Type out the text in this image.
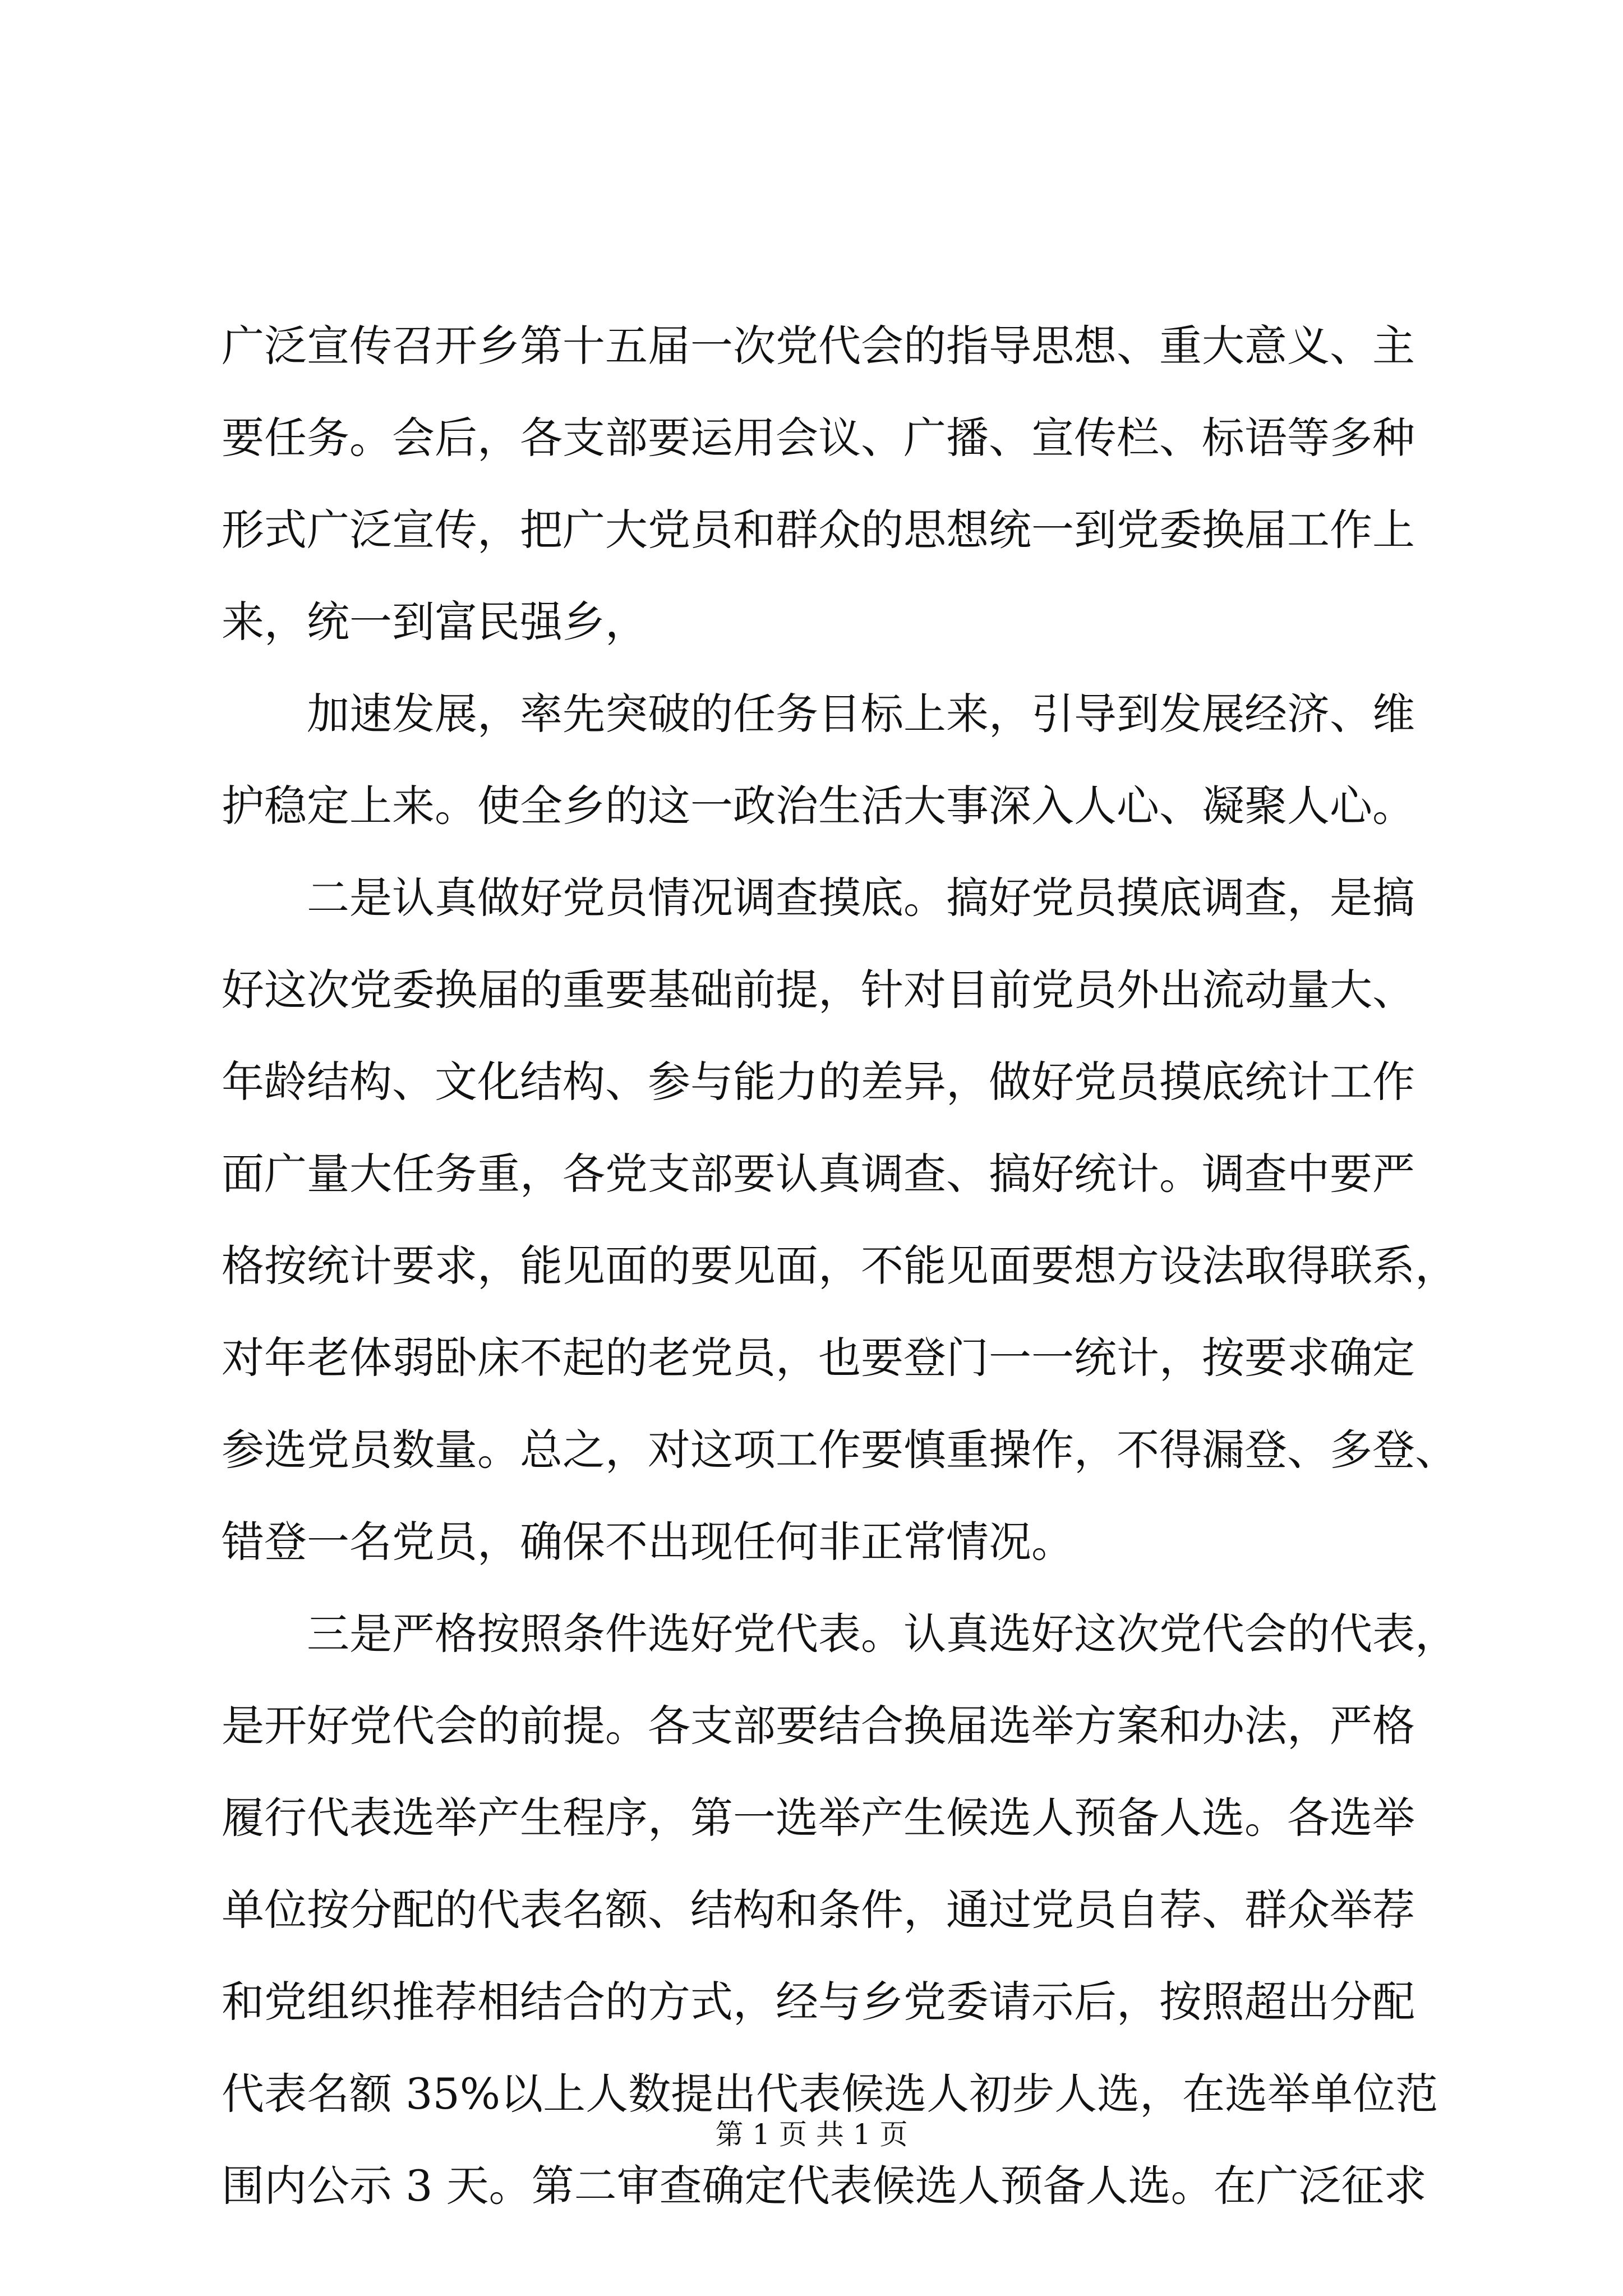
广泛宣传召开乡第十五届一次党代会的指导思想、重大意义、主
要任务。会后，各支部要运用会议、广播、宣传栏、标语等多种
形式广泛宣传，把广大党员和群众的思想统一到党委换届工作上
来，统一到富民强乡，
加速发展，率先突破的任务目标上来，引导到发展经济、维
护稳定上来。使全乡的这一政治生活大事深入人心、凝聚人心。
二是认真做好党员情况调查摸底。搞好党员摸底调查，是搞
好这次党委换届的重要基础前提，针对目前党员外出流动量大、
年龄结构、文化结构、参与能力的差异，做好党员摸底统计工作
面广量大任务重，各党支部要认真调查、搞好统计。调查中要严
格按统计要求，能见面的要见面，不能见面要想方设法取得联系，
对年老体弱卧床不起的老党员，也要登门一一统计，按要求确定
参选党员数量。总之，对这项工作要慎重操作，不得漏登、多登、
错登一名党员，确保不出现任何非正常情况。
三是严格按照条件选好党代表。认真选好这次党代会的代表，
是开好党代会的前提。各支部要结合换届选举方案和办法，严格
履行代表选举产生程序，第一选举产生候选人预备人选。各选举
单位按分配的代表名额、结构和条件，通过党员自荐、群众举荐
和党组织推荐相结合的方式，经与乡党委请示后，按照超出分配
代表名额 35%以上人数提出代表候选人初步人选，在选举单位范
围内公示 3 天。第二审查确定代表候选人预备人选。在广泛征求
第 1 页 共 1 页
